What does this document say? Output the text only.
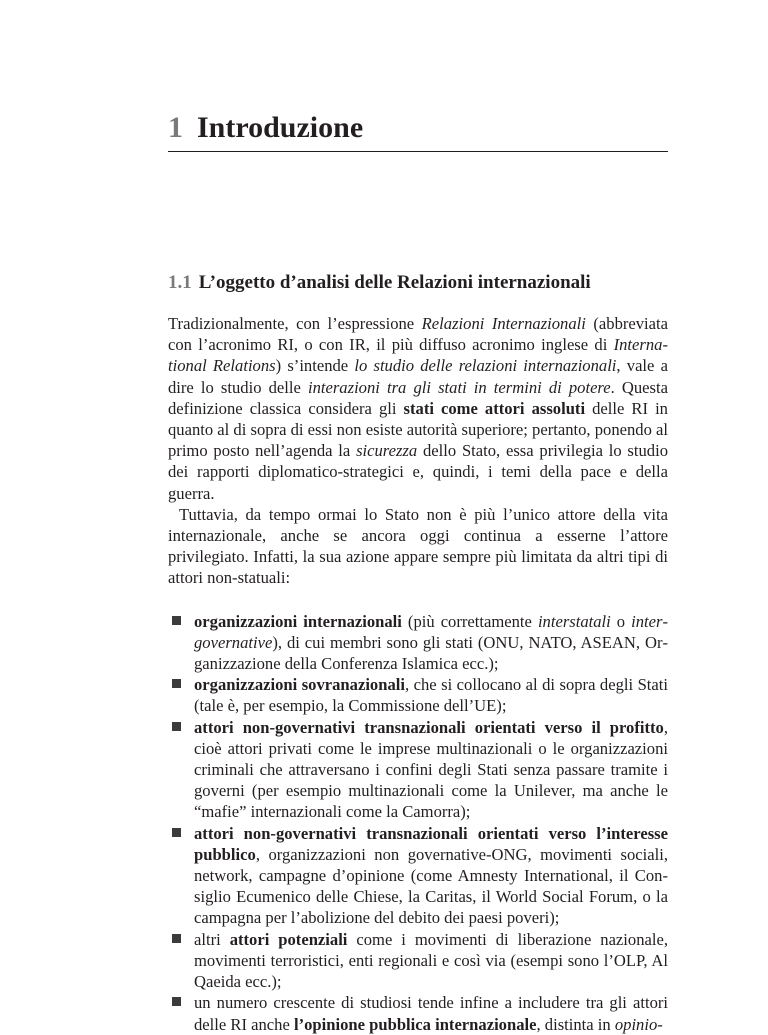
1 Introduzione
1.1 L’oggetto d’analisi delle Relazioni internazionali

Tradizionalmente, con l’espressione Relazioni Internazionali (abbreviata con l’acronimo RI, o con IR, il più diffuso acronimo inglese di International Relations) s’intende lo studio delle relazioni internazionali, vale a dire lo studio delle interazioni tra gli stati in termini di potere. Questa definizione classica considera gli stati come attori assoluti delle RI in quanto al di sopra di essi non esiste autorità superiore; pertanto, ponendo al primo posto nell’agenda la sicurezza dello Stato, essa privilegia lo studio dei rapporti diplomatico-strategici e, quindi, i temi della pace e della guerra.

Tuttavia, da tempo ormai lo Stato non è più l’unico attore della vita internazionale, anche se ancora oggi continua a esserne l’attore privilegiato. Infatti, la sua azione appare sempre più limitata da altri tipi di attori non-statuali:

organizzazioni internazionali (più correttamente interstatali o intergovernative), di cui membri sono gli stati (ONU, NATO, ASEAN, Organizzazione della Conferenza Islamica ecc.);
organizzazioni sovranazionali, che si collocano al di sopra degli Stati (tale è, per esempio, la Commissione dell’UE);
attori non-governativi transnazionali orientati verso il profitto, cioè attori privati come le imprese multinazionali o le organizzazioni criminali che attraversano i confini degli Stati senza passare tramite i governi (per esempio multinazionali come la Unilever, ma anche le “mafie” internazionali come la Camorra);
attori non-governativi transnazionali orientati verso l’interesse pubblico, organizzazioni non governative-ONG, movimenti sociali, network, campagne d’opinione (come Amnesty International, il Consiglio Ecumenico delle Chiese, la Caritas, il World Social Forum, o la campagna per l’abolizione del debito dei paesi poveri);
altri attori potenziali come i movimenti di liberazione nazionale, movimenti terroristici, enti regionali e così via (esempi sono l’OLP, Al Qaeida ecc.);
un numero crescente di studiosi tende infine a includere tra gli attori delle RI anche l’opinione pubblica internazionale, distinta in opinio-
